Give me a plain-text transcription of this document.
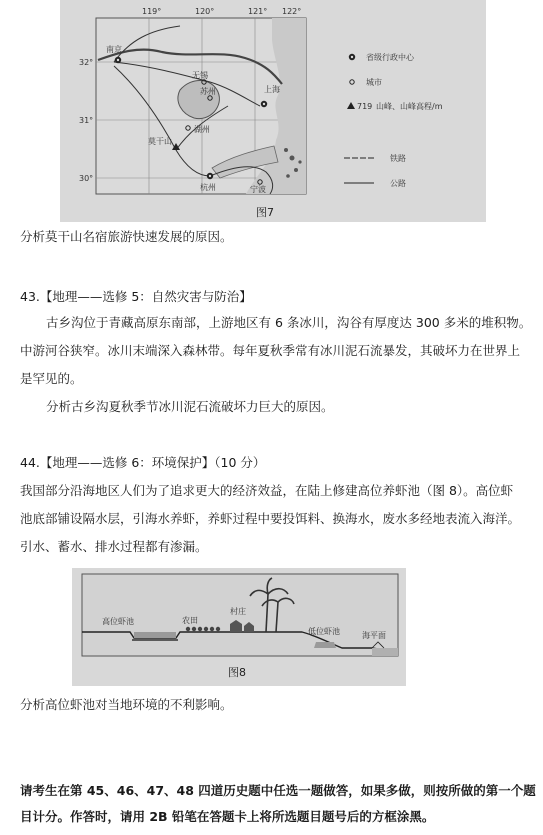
119°	120°	121° 122°
32°
31°
30°
南京
无锡
苏州	上海
湖州
莫干山
杭州	宁波
省级行政中心
城市
719 山峰、山峰高程/m
铁路
公路
图7
分析莫干山名宿旅游快速发展的原因。
43.【地理——选修 5：自然灾害与防治】
古乡沟位于青藏高原东南部，上游地区有 6 条冰川，沟谷有厚度达 300 多米的堆积物。
中游河谷狭窄。冰川末端深入森林带。每年夏秋季常有冰川泥石流暴发，其破坏力在世界上
是罕见的。
分析古乡沟夏秋季节冰川泥石流破坏力巨大的原因。
44.【地理——选修 6：环境保护】（10 分）
我国部分沿海地区人们为了追求更大的经济效益，在陆上修建高位养虾池（图 8）。高位虾
池底部铺设隔水层，引海水养虾，养虾过程中要投饵料、换海水，废水多经地表流入海洋。
引水、蓄水、排水过程都有渗漏。
高位虾池	农田
村庄
低位虾池	海平面
图8
分析高位虾池对当地环境的不利影响。
请考生在第 45、46、47、48 四道历史题中任选一题做答，如果多做，则按所做的第一个题
目计分。作答时，请用 2B 铅笔在答题卡上将所选题目题号后的方框涂黑。
